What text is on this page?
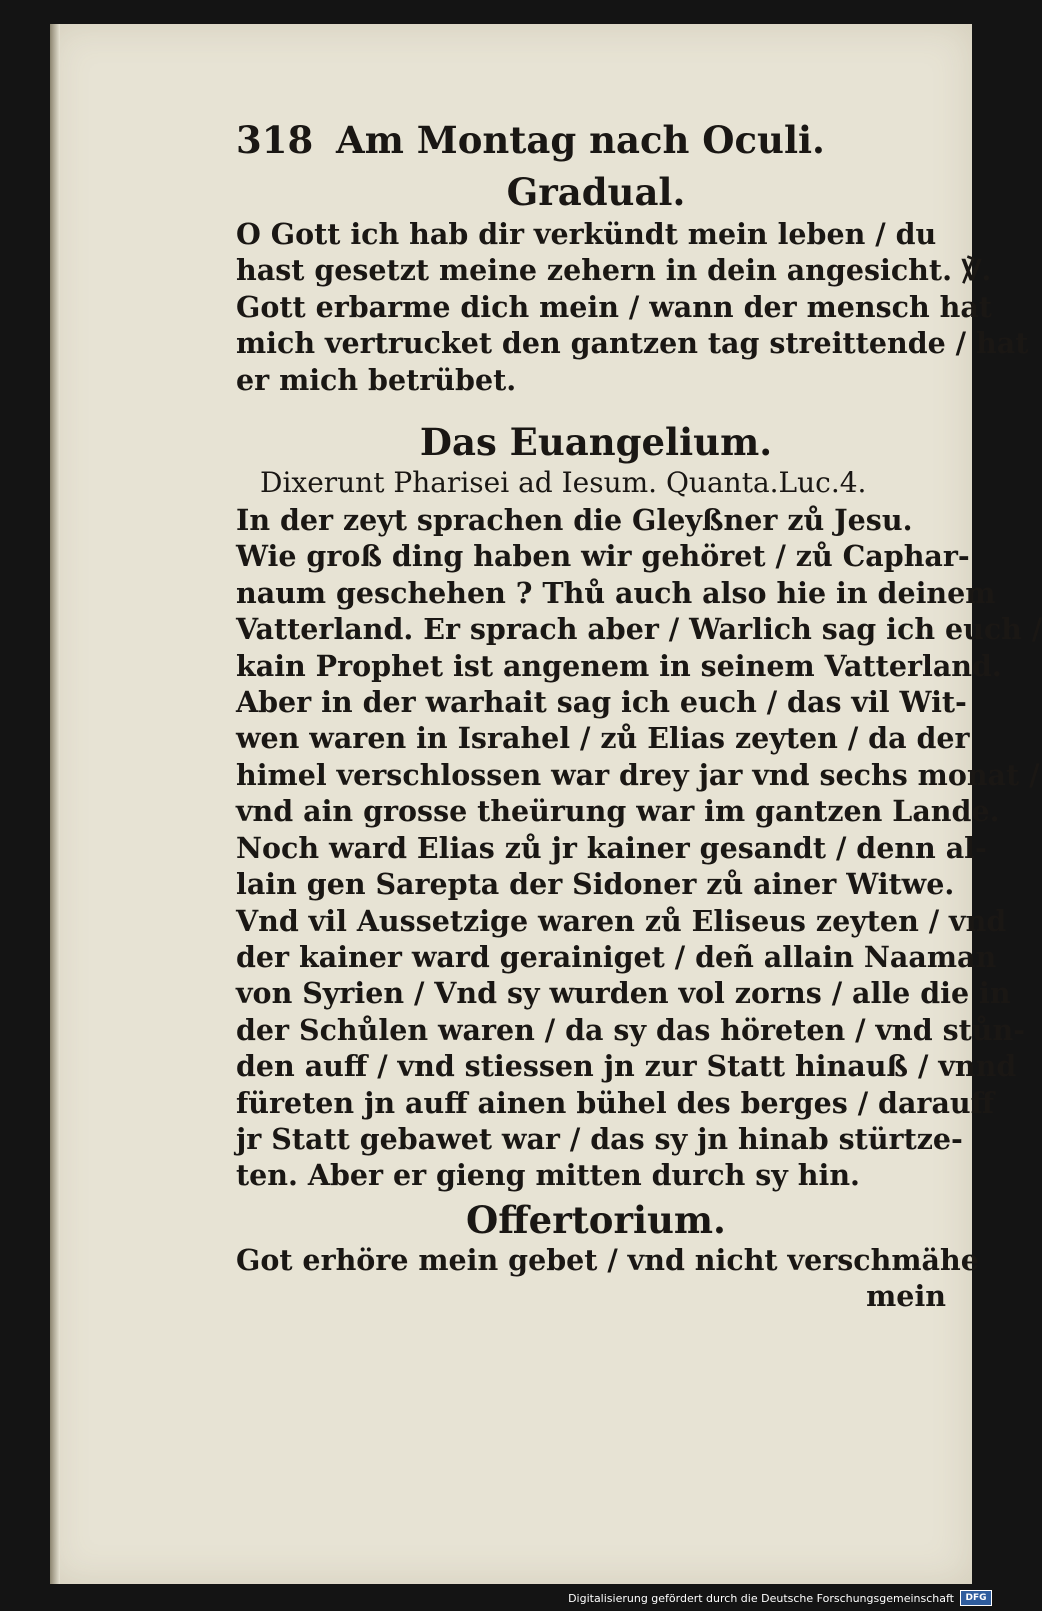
318 Am Montag nach Oculi.
Gradual.
O Gott ich hab dir verkündt mein leben / du
hast gesetzt meine zehern in dein angesicht. ℣.
Gott erbarme dich mein / wann der mensch hat
mich vertrucket den gantzen tag streittende / hat
er mich betrübet.
Das Euangelium.
Dixerunt Pharisei ad Iesum. Quanta.Luc.4.
In der zeyt sprachen die Gleyßner zů Jesu.
Wie groß ding haben wir gehöret / zů Caphar-
naum geschehen ? Thů auch also hie in deinem
Vatterland. Er sprach aber / Warlich sag ich euch /
kain Prophet ist angenem in seinem Vatterland.
Aber in der warhait sag ich euch / das vil Wit-
wen waren in Israhel / zů Elias zeyten / da der
himel verschlossen war drey jar vnd sechs monat /
vnd ain grosse theürung war im gantzen Lande.
Noch ward Elias zů jr kainer gesandt / denn al-
lain gen Sarepta der Sidoner zů ainer Witwe.
Vnd vil Aussetzige waren zů Eliseus zeyten / vnd
der kainer ward gerainiget / deñ allain Naaman
von Syrien / Vnd sy wurden vol zorns / alle die in
der Schůlen waren / da sy das höreten / vnd stůn-
den auff / vnd stiessen jn zur Statt hinauß / vnnd
füreten jn auff ainen bühel des berges / darauff
jr Statt gebawet war / das sy jn hinab stürtze-
ten. Aber er gieng mitten durch sy hin.
Offertorium.
Got erhöre mein gebet / vnd nicht verschmähe
mein
Digitalisierung gefördert durch die Deutsche Forschungsgemeinschaft	DFG
